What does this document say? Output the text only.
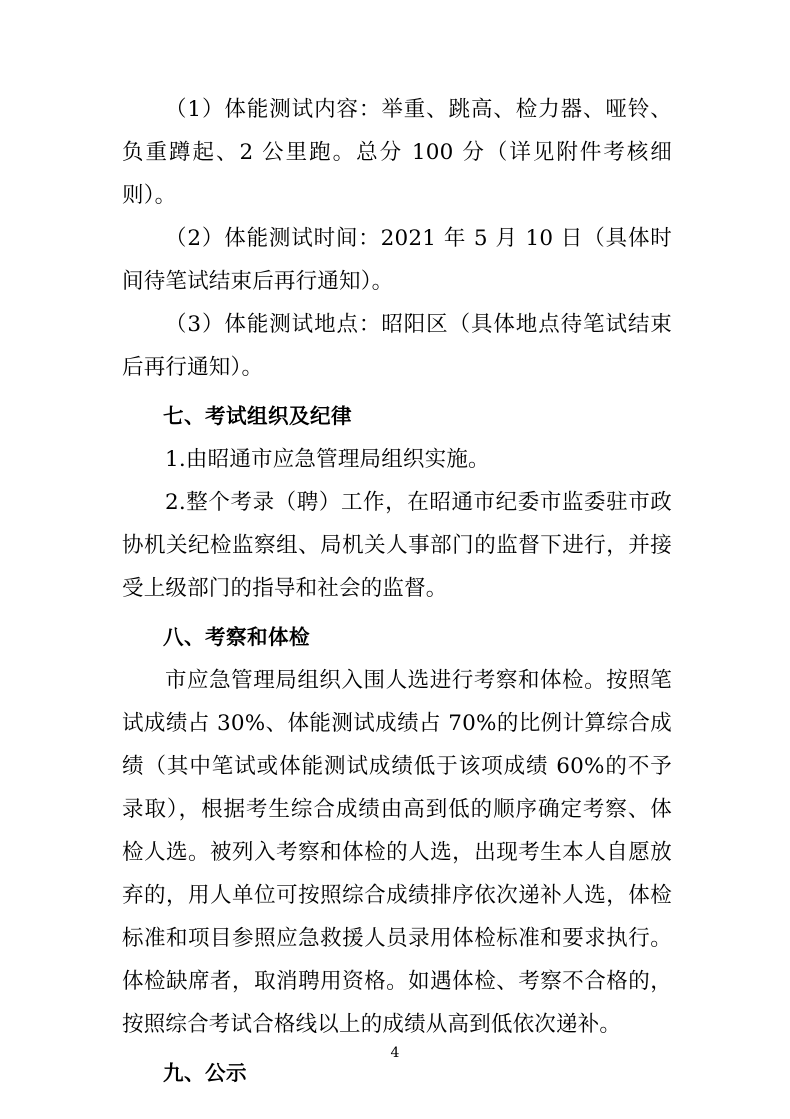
（1）体能测试内容：举重、跳高、检力器、哑铃、负重蹲起、2 公里跑。总分 100 分（详见附件考核细则）。

（2）体能测试时间：2021 年 5 月 10 日（具体时间待笔试结束后再行通知）。

（3）体能测试地点：昭阳区（具体地点待笔试结束后再行通知）。

七、考试组织及纪律

1.由昭通市应急管理局组织实施。

2.整个考录（聘）工作，在昭通市纪委市监委驻市政协机关纪检监察组、局机关人事部门的监督下进行，并接受上级部门的指导和社会的监督。

八、考察和体检

市应急管理局组织入围人选进行考察和体检。按照笔试成绩占 30%、体能测试成绩占 70%的比例计算综合成绩（其中笔试或体能测试成绩低于该项成绩 60%的不予录取），根据考生综合成绩由高到低的顺序确定考察、体检人选。被列入考察和体检的人选，出现考生本人自愿放弃的，用人单位可按照综合成绩排序依次递补人选，体检标准和项目参照应急救援人员录用体检标准和要求执行。体检缺席者，取消聘用资格。如遇体检、考察不合格的，按照综合考试合格线以上的成绩从高到低依次递补。

九、公示
4
